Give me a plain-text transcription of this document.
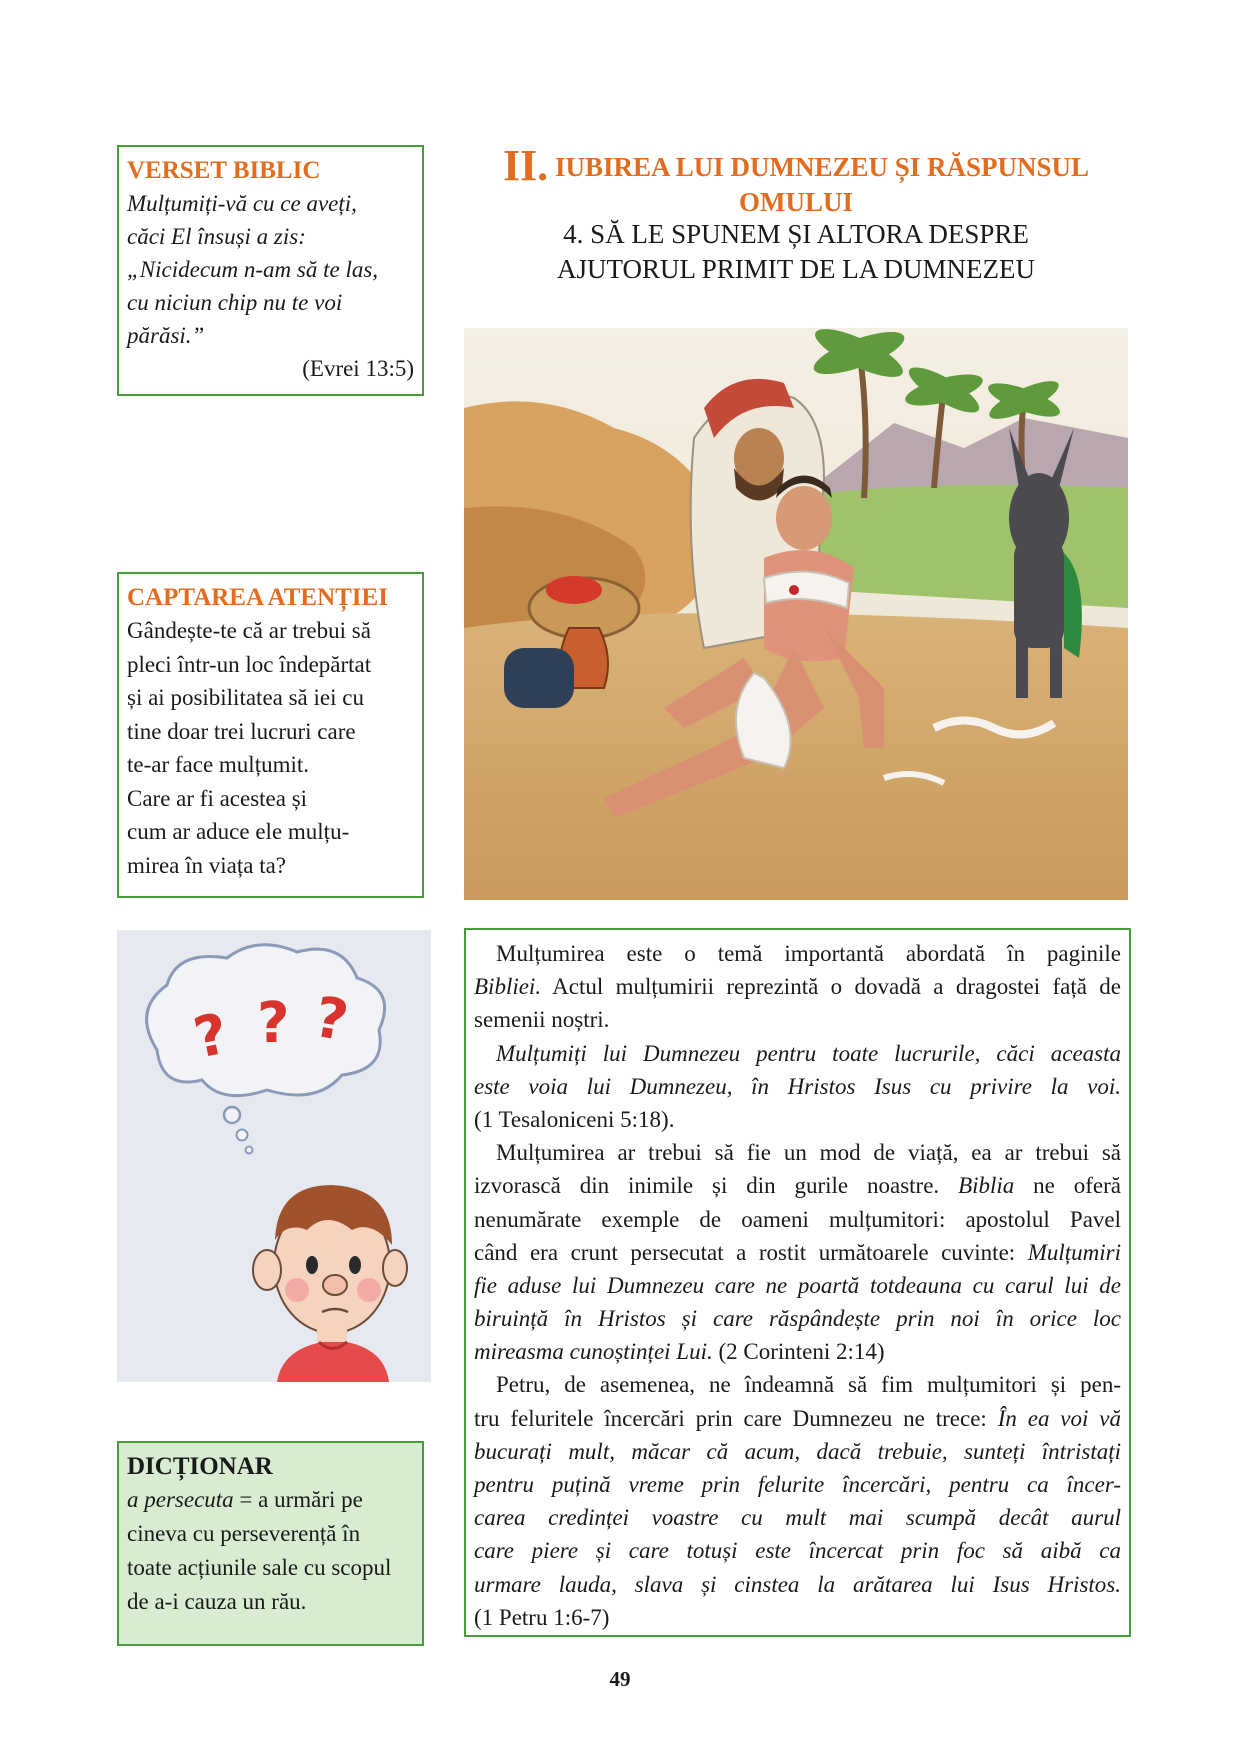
VERSET BIBLIC
Mulțumiți-vă cu ce aveți,
căci El însuși a zis:
„Nicidecum n-am să te las,
cu niciun chip nu te voi
părăsi.”
(Evrei 13:5)
II. IUBIREA LUI DUMNEZEU ȘI RĂSPUNSUL
OMULUI
4. SĂ LE SPUNEM ȘI ALTORA DESPRE
AJUTORUL PRIMIT DE LA DUMNEZEU
CAPTAREA ATENȚIEI
Gândește-te că ar trebui să
pleci într-un loc îndepărtat
și ai posibilitatea să iei cu
tine doar trei lucruri care
te-ar face mulțumit.
Care ar fi acestea și
cum ar aduce ele mulțu-
mirea în viața ta?
? ? ?
DICȚIONAR
a persecuta = a urmări pe
cineva cu perseverență în
toate acțiunile sale cu scopul
de a-i cauza un rău.
Mulțumirea este o temă importantă abordată în paginile
Bibliei. Actul mulțumirii reprezintă o dovadă a dragostei față de
semenii noștri.
Mulțumiți lui Dumnezeu pentru toate lucrurile, căci aceasta
este voia lui Dumnezeu, în Hristos Isus cu privire la voi.
(1 Tesaloniceni 5:18).
Mulțumirea ar trebui să fie un mod de viață, ea ar trebui să
izvorască din inimile și din gurile noastre. Biblia ne oferă
nenumărate exemple de oameni mulțumitori: apostolul Pavel
când era crunt persecutat a rostit următoarele cuvinte: Mulțumiri
fie aduse lui Dumnezeu care ne poartă totdeauna cu carul lui de
biruință în Hristos și care răspândește prin noi în orice loc
mireasma cunoștinței Lui. (2 Corinteni 2:14)
Petru, de asemenea, ne îndeamnă să fim mulțumitori și pen-
tru feluritele încercări prin care Dumnezeu ne trece: În ea voi vă
bucurați mult, măcar că acum, dacă trebuie, sunteți întristați
pentru puțină vreme prin felurite încercări, pentru ca încer-
carea credinței voastre cu mult mai scumpă decât aurul
care piere și care totuși este încercat prin foc să aibă ca
urmare lauda, slava și cinstea la arătarea lui Isus Hristos.
(1 Petru 1:6-7)
49
